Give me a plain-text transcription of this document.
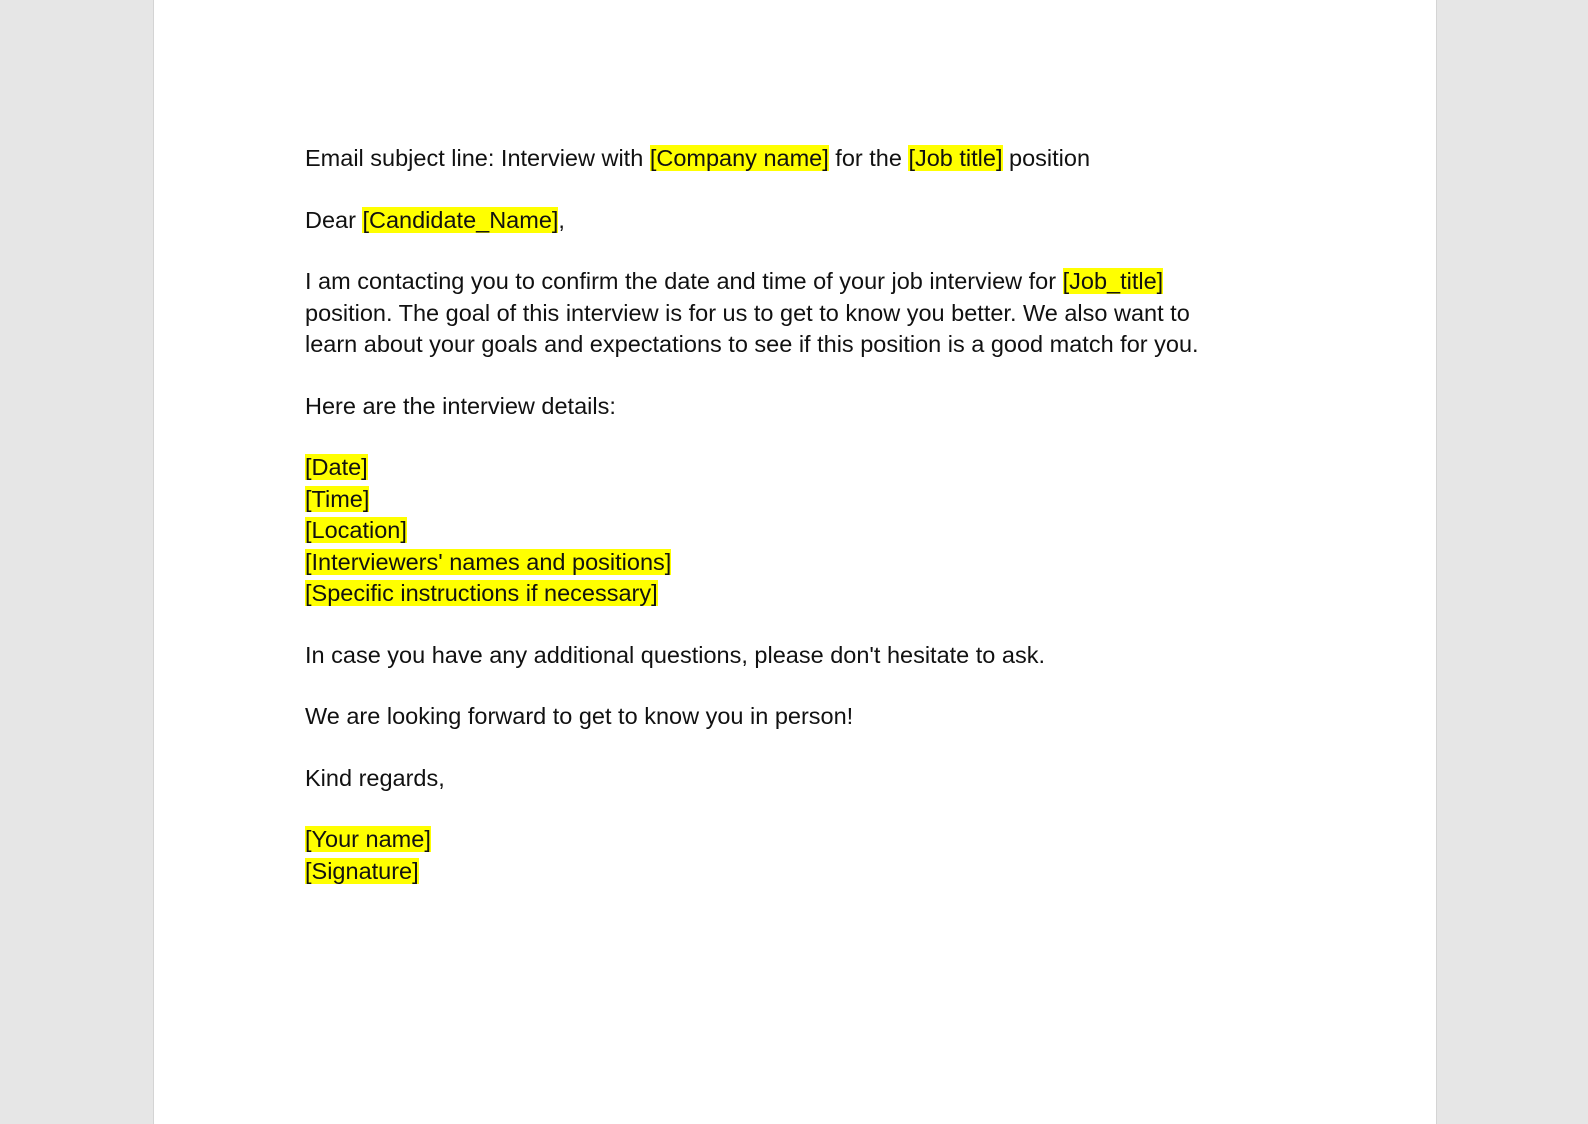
Email subject line: Interview with [Company name] for the [Job title] position

Dear [Candidate_Name],

I am contacting you to confirm the date and time of your job interview for [Job_title]
position. The goal of this interview is for us to get to know you better. We also want to
learn about your goals and expectations to see if this position is a good match for you.

Here are the interview details:

[Date]
[Time]
[Location]
[Interviewers' names and positions]
[Specific instructions if necessary]

In case you have any additional questions, please don't hesitate to ask.

We are looking forward to get to know you in person!

Kind regards,

[Your name]
[Signature]
